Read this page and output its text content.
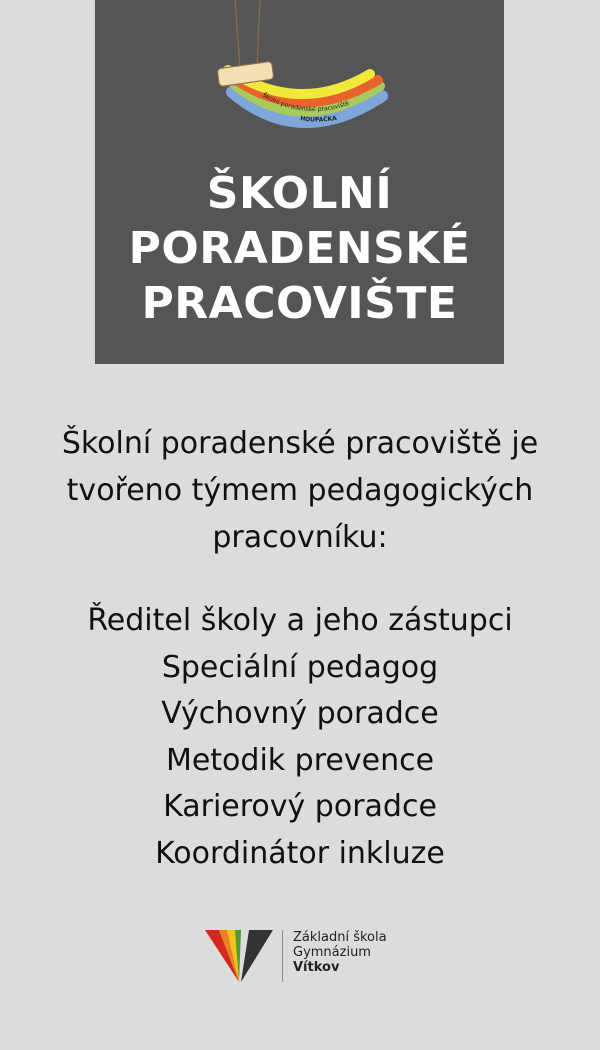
Školní poradenské pracoviště
HOUPAČKA
ŠKOLNÍ
PORADENSKÉ
PRACOVIŠTE
Školní poradenské pracoviště je
tvořeno týmem pedagogických
pracovníku:
Ředitel školy a jeho zástupci
Speciální pedagog
Výchovný poradce
Metodik prevence
Karierový poradce
Koordinátor inkluze
Základní škola
Gymnázium
Vítkov
